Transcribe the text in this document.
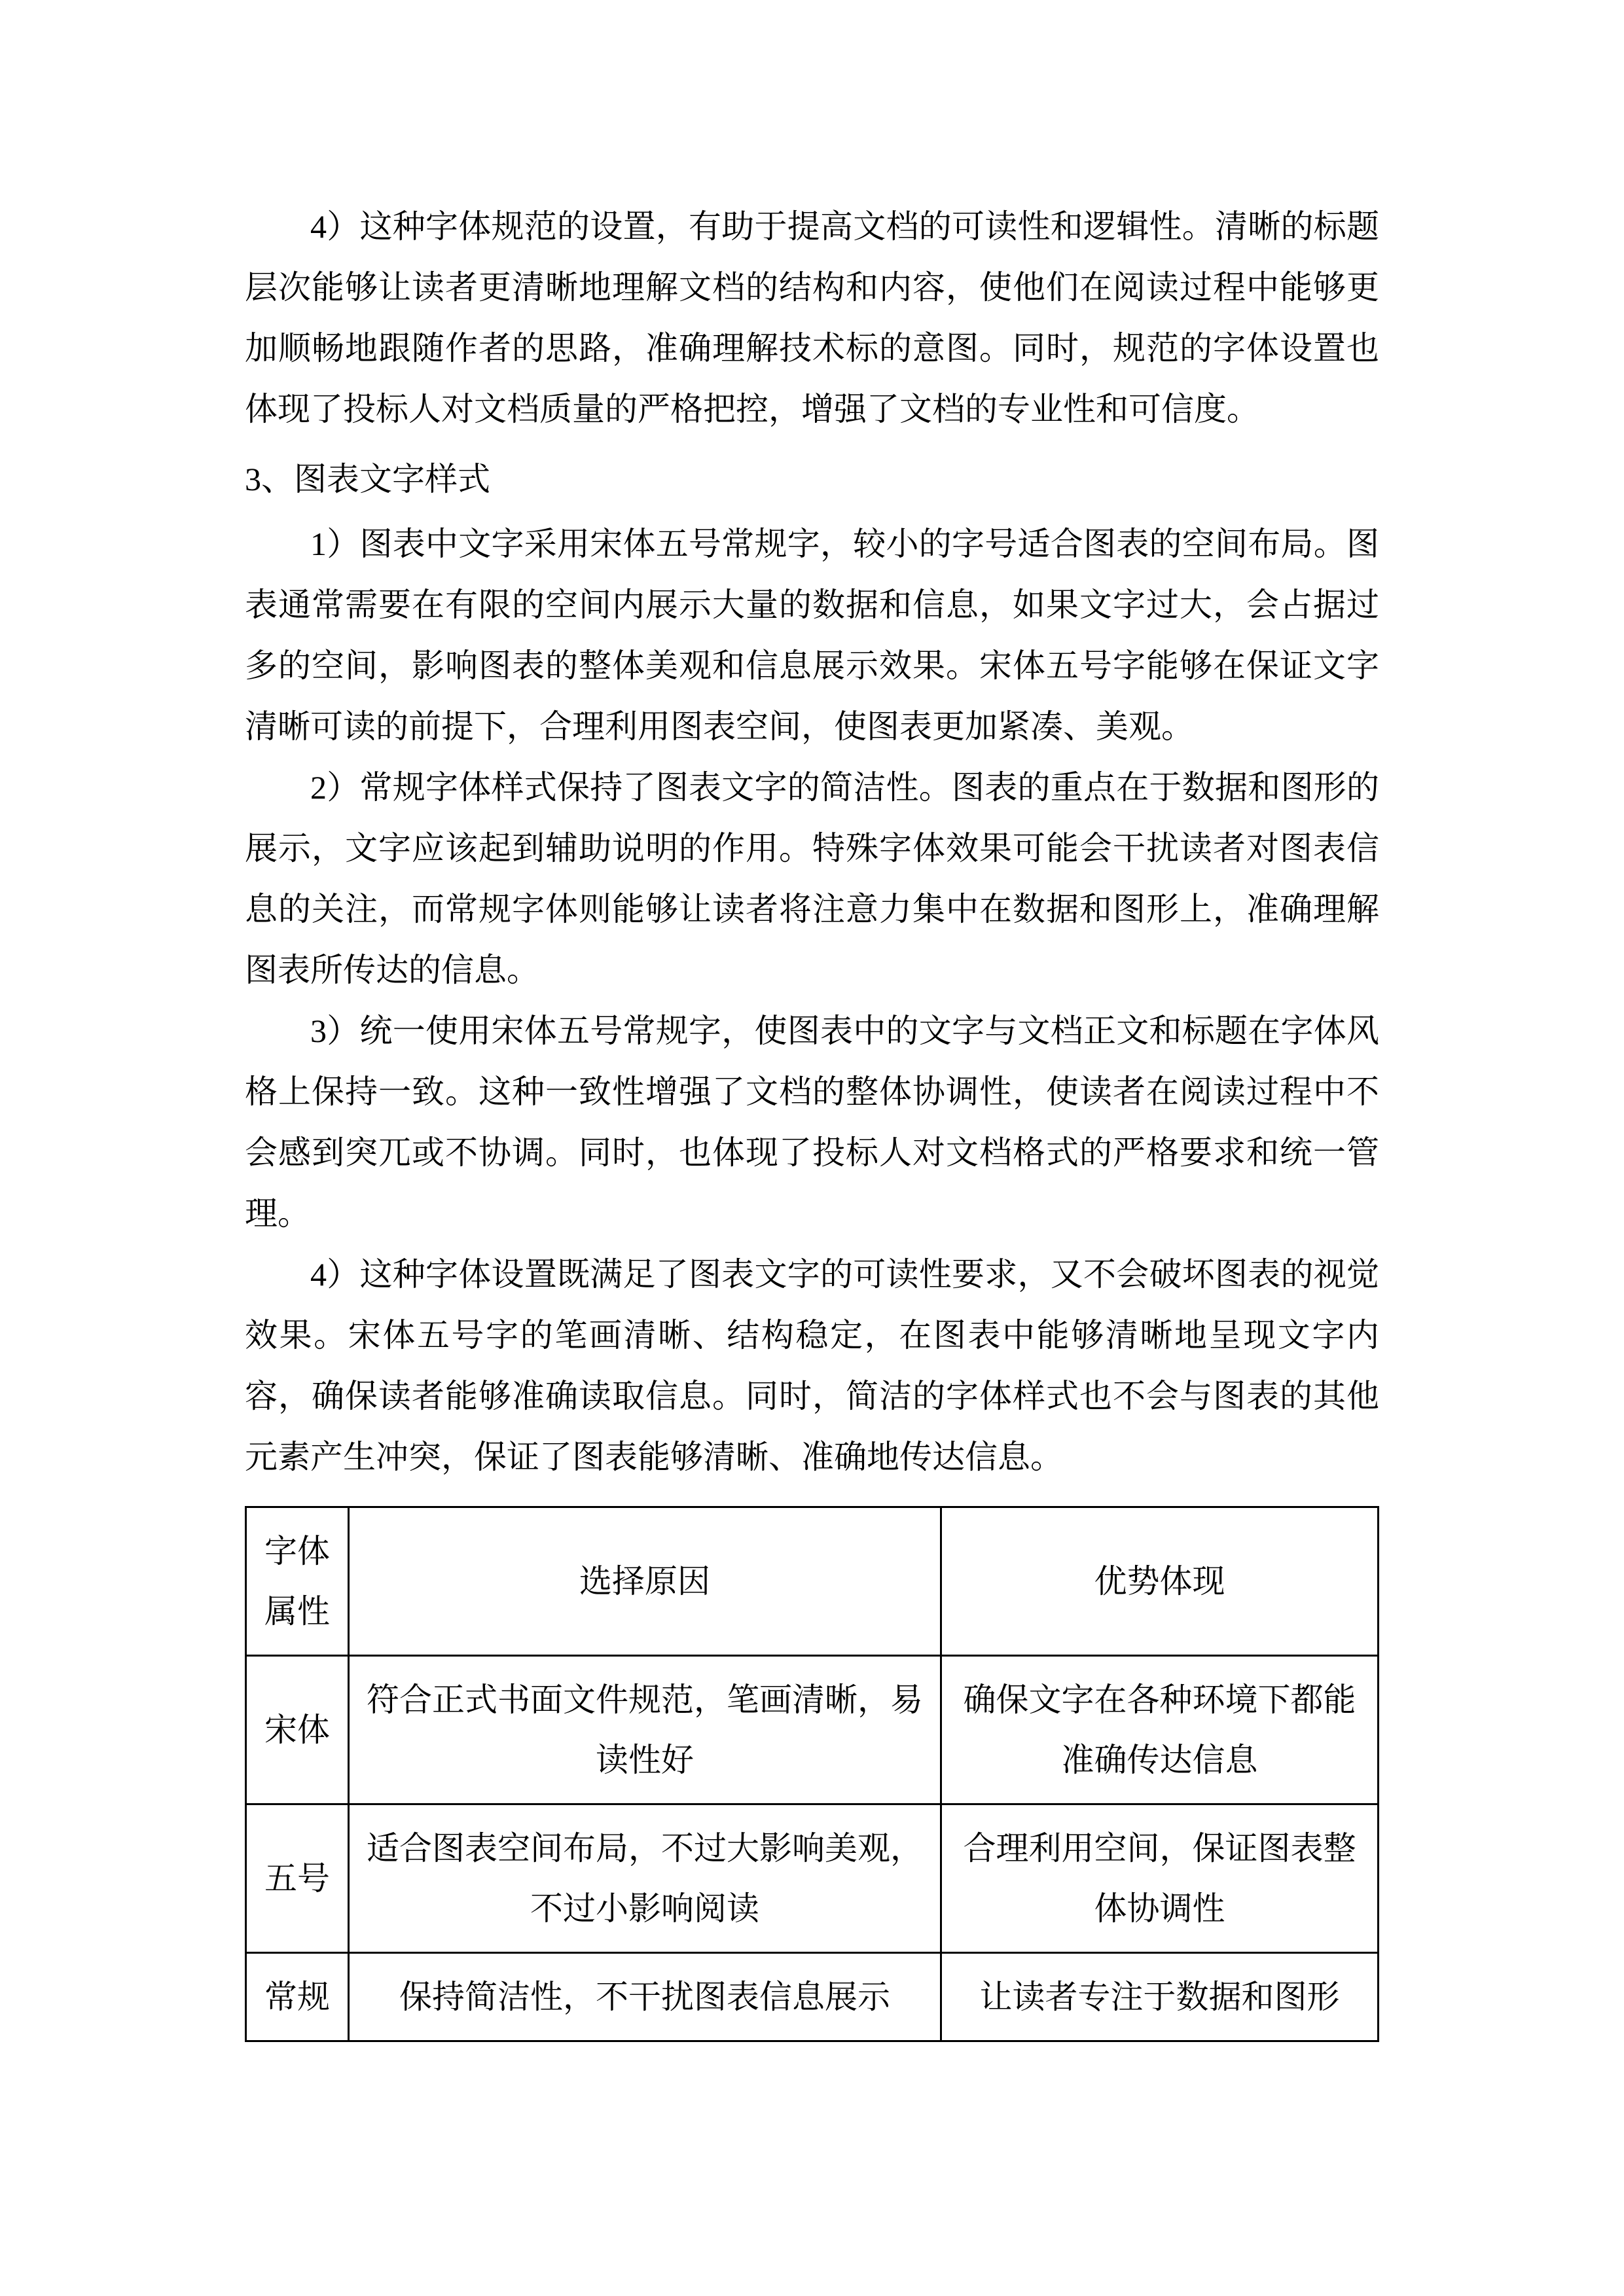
4）这种字体规范的设置，有助于提高文档的可读性和逻辑性。清晰的标题层次能够让读者更清晰地理解文档的结构和内容，使他们在阅读过程中能够更加顺畅地跟随作者的思路，准确理解技术标的意图。同时，规范的字体设置也体现了投标人对文档质量的严格把控，增强了文档的专业性和可信度。

3、图表文字样式

1）图表中文字采用宋体五号常规字，较小的字号适合图表的空间布局。图表通常需要在有限的空间内展示大量的数据和信息，如果文字过大，会占据过多的空间，影响图表的整体美观和信息展示效果。宋体五号字能够在保证文字清晰可读的前提下，合理利用图表空间，使图表更加紧凑、美观。

2）常规字体样式保持了图表文字的简洁性。图表的重点在于数据和图形的展示，文字应该起到辅助说明的作用。特殊字体效果可能会干扰读者对图表信息的关注，而常规字体则能够让读者将注意力集中在数据和图形上，准确理解图表所传达的信息。

3）统一使用宋体五号常规字，使图表中的文字与文档正文和标题在字体风格上保持一致。这种一致性增强了文档的整体协调性，使读者在阅读过程中不会感到突兀或不协调。同时，也体现了投标人对文档格式的严格要求和统一管理。

4）这种字体设置既满足了图表文字的可读性要求，又不会破坏图表的视觉效果。宋体五号字的笔画清晰、结构稳定，在图表中能够清晰地呈现文字内容，确保读者能够准确读取信息。同时，简洁的字体样式也不会与图表的其他元素产生冲突，保证了图表能够清晰、准确地传达信息。

字体属性	选择原因	优势体现
宋体	符合正式书面文件规范，笔画清晰，易读性好	确保文字在各种环境下都能准确传达信息
五号	适合图表空间布局，不过大影响美观，不过小影响阅读	合理利用空间，保证图表整体协调性
常规	保持简洁性，不干扰图表信息展示	让读者专注于数据和图形
